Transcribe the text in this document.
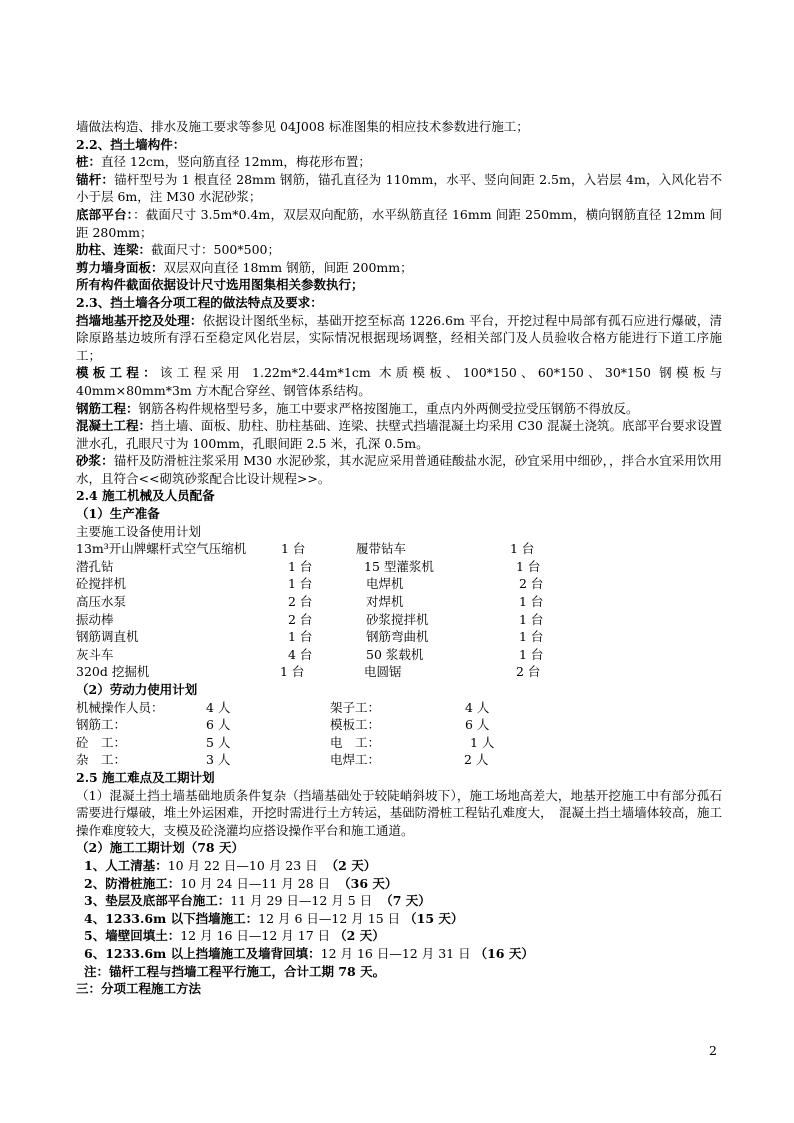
墙做法构造、排水及施工要求等参见 04J008 标准图集的相应技术参数进行施工；

2.2、挡土墙构件：

桩：直径 12cm，竖向筋直径 12mm，梅花形布置；

锚杆：锚杆型号为 1 根直径 28mm 钢筋，锚孔直径为 110mm，水平、竖向间距 2.5m，入岩层 4m，入风化岩不小于层 6m，注 M30 水泥砂浆；

底部平台：：截面尺寸 3.5m*0.4m，双层双向配筋，水平纵筋直径 16mm 间距 250mm，横向钢筋直径 12mm 间距 280mm；

肋柱、连梁：截面尺寸：500*500；

剪力墙身面板：双层双向直径 18mm 钢筋，间距 200mm；

所有构件截面依据设计尺寸选用图集相关参数执行；

2.3、挡土墙各分项工程的做法特点及要求：

挡墙地基开挖及处理：依据设计图纸坐标，基础开挖至标高 1226.6m 平台，开挖过程中局部有孤石应进行爆破，清除原路基边坡所有浮石至稳定风化岩层，实际情况根据现场调整，经相关部门及人员验收合格方能进行下道工序施工；

模板工程：该工程采用 1.22m*2.44m*1cm 木质模板、100*150、60*150、30*150 钢模板与 40mm×80mm*3m 方木配合穿丝、钢管体系结构。

钢筋工程：钢筋各构件规格型号多，施工中要求严格按图施工，重点内外两侧受拉受压钢筋不得放反。

混凝土工程：挡土墙、面板、肋柱、肋柱基础、连梁、扶壁式挡墙混凝土均采用 C30 混凝土浇筑。底部平台要求设置泄水孔，孔眼尺寸为 100mm，孔眼间距 2.5 米，孔深 0.5m。

砂浆：锚杆及防滑桩注浆采用 M30 水泥砂浆，其水泥应采用普通硅酸盐水泥，砂宜采用中细砂，，拌合水宜采用饮用水，且符合<<砌筑砂浆配合比设计规程>>。

2.4 施工机械及人员配备

（1）生产准备

主要施工设备使用计划

13m³开山牌螺杆式空气压缩机	1 台	履带钻车	1 台
潜孔钻	1 台	15 型灌浆机	1 台
砼搅拌机	1 台	电焊机	2 台
高压水泵	2 台	对焊机	1 台
振动棒	2 台	砂浆搅拌机	1 台
钢筋调直机	1 台	钢筋弯曲机	1 台
灰斗车	4 台	50 浆载机	1 台
320d 挖掘机	1 台	电圆锯	2 台

（2）劳动力使用计划

机械操作人员：	4 人	架子工：	4 人
钢筋工：	6 人	模板工：	6 人
砼　工：	5 人	电　工：	1 人
杂　工：	3 人	电焊工：	2 人

2.5 施工难点及工期计划

（1）混凝土挡土墙基础地质条件复杂（挡墙基础处于较陡峭斜坡下），施工场地高差大，地基开挖施工中有部分孤石需要进行爆破，堆土外运困难，开挖时需进行土方转运，基础防滑桩工程钻孔难度大，　混凝土挡土墙墙体较高，施工操作难度较大，支模及砼浇灌均应搭设操作平台和施工通道。

（2）施工工期计划（78 天）

1、人工清基： 10 月 22 日—10 月 23 日 （2 天）
2、防滑桩施工： 10 月 24 日—11 月 28 日 （36 天）
3、垫层及底部平台施工： 11 月 29 日—12 月 5 日 （7 天）
4、1233.6m 以下挡墙施工： 12 月 6 日—12 月 15 日 （15 天）
5、墙壁回填土： 12 月 16 日—12 月 17 日 （2 天）
6、1233.6m 以上挡墙施工及墙背回填： 12 月 16 日—12 月 31 日 （16 天）

注：锚杆工程与挡墙工程平行施工，合计工期 78 天。

三：分项工程施工方法

2
